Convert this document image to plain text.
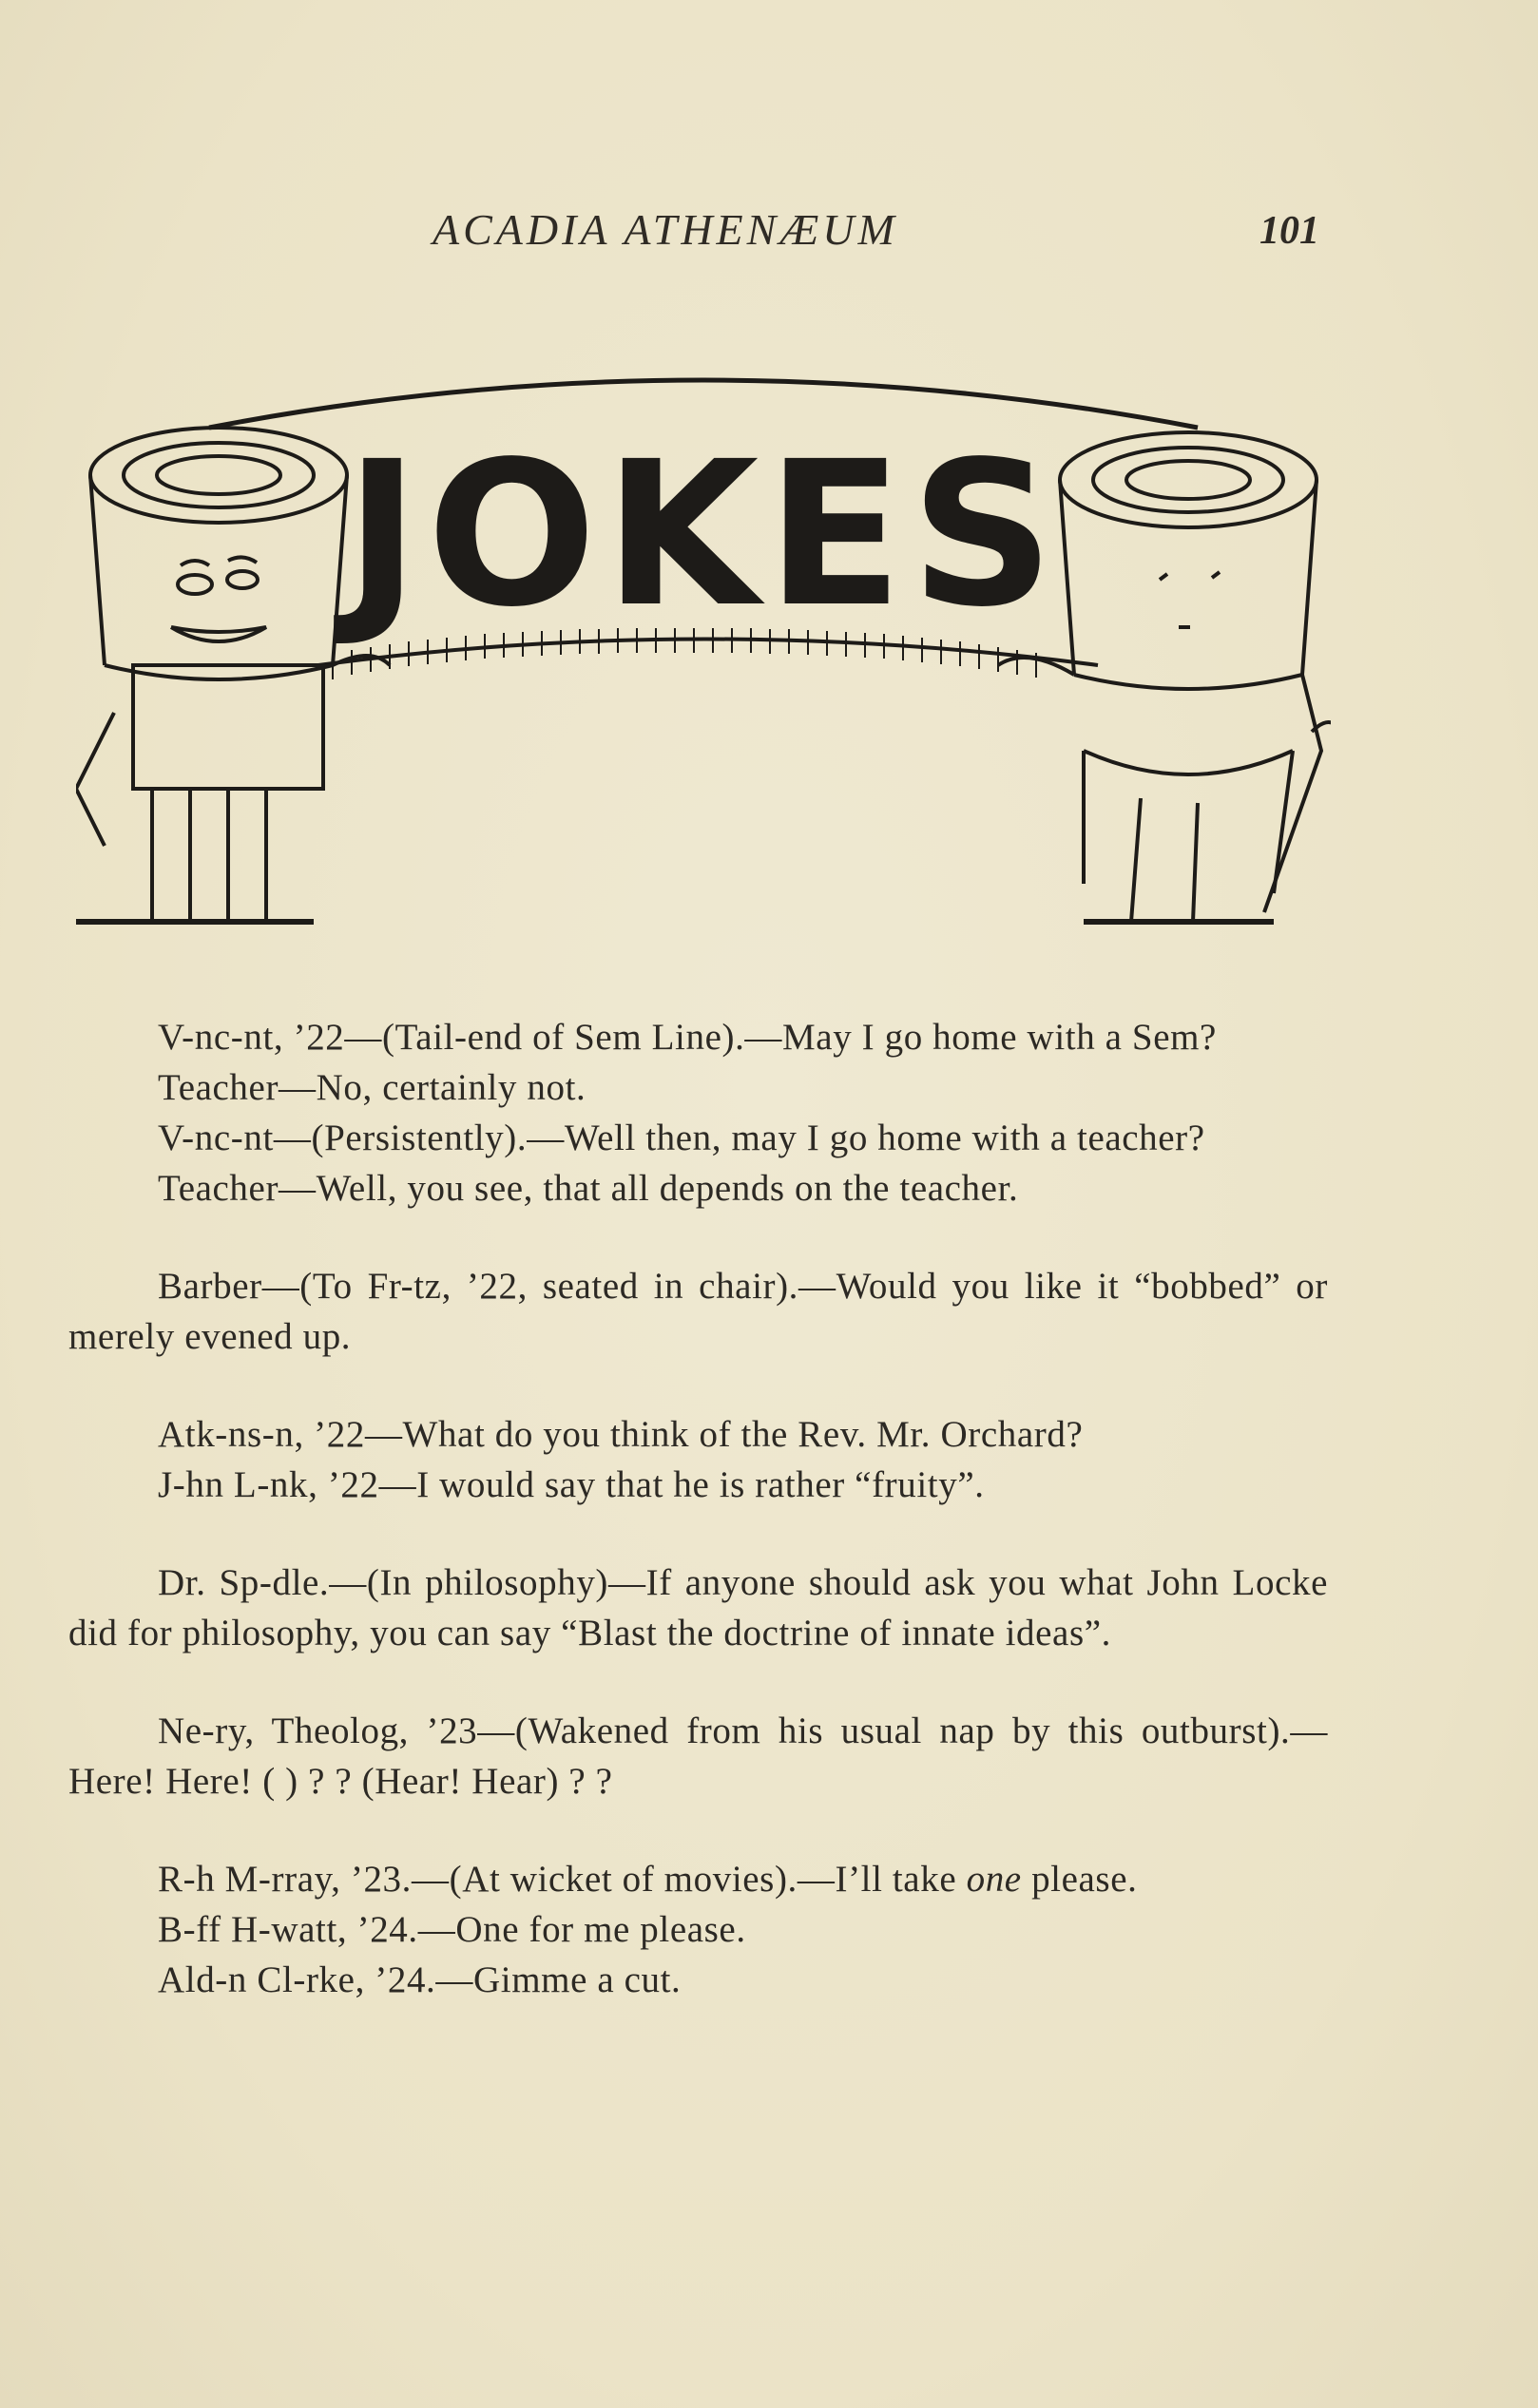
ACADIA ATHENÆUM	101
JOKES

V-nc-nt, ’22—(Tail-end of Sem Line).—May I go home with a Sem?

Teacher—No, certainly not.

V-nc-nt—(Persistently).—Well then, may I go home with a teacher?

Teacher—Well, you see, that all depends on the teacher.

Barber—(To Fr-tz, ’22, seated in chair).—Would you like it “bobbed” or merely evened up.

Atk-ns-n, ’22—What do you think of the Rev. Mr. Orchard?

J-hn L-nk, ’22—I would say that he is rather “fruity”.

Dr. Sp-dle.—(In philosophy)—If anyone should ask you what John Locke did for philosophy, you can say “Blast the doctrine of innate ideas”.

Ne-ry, Theolog, ’23—(Wakened from his usual nap by this outburst).—Here! Here! ( ) ? ? (Hear! Hear) ? ?

R-h M-rray, ’23.—(At wicket of movies).—I’ll take one please.

B-ff H-watt, ’24.—One for me please.

Ald-n Cl-rke, ’24.—Gimme a cut.
